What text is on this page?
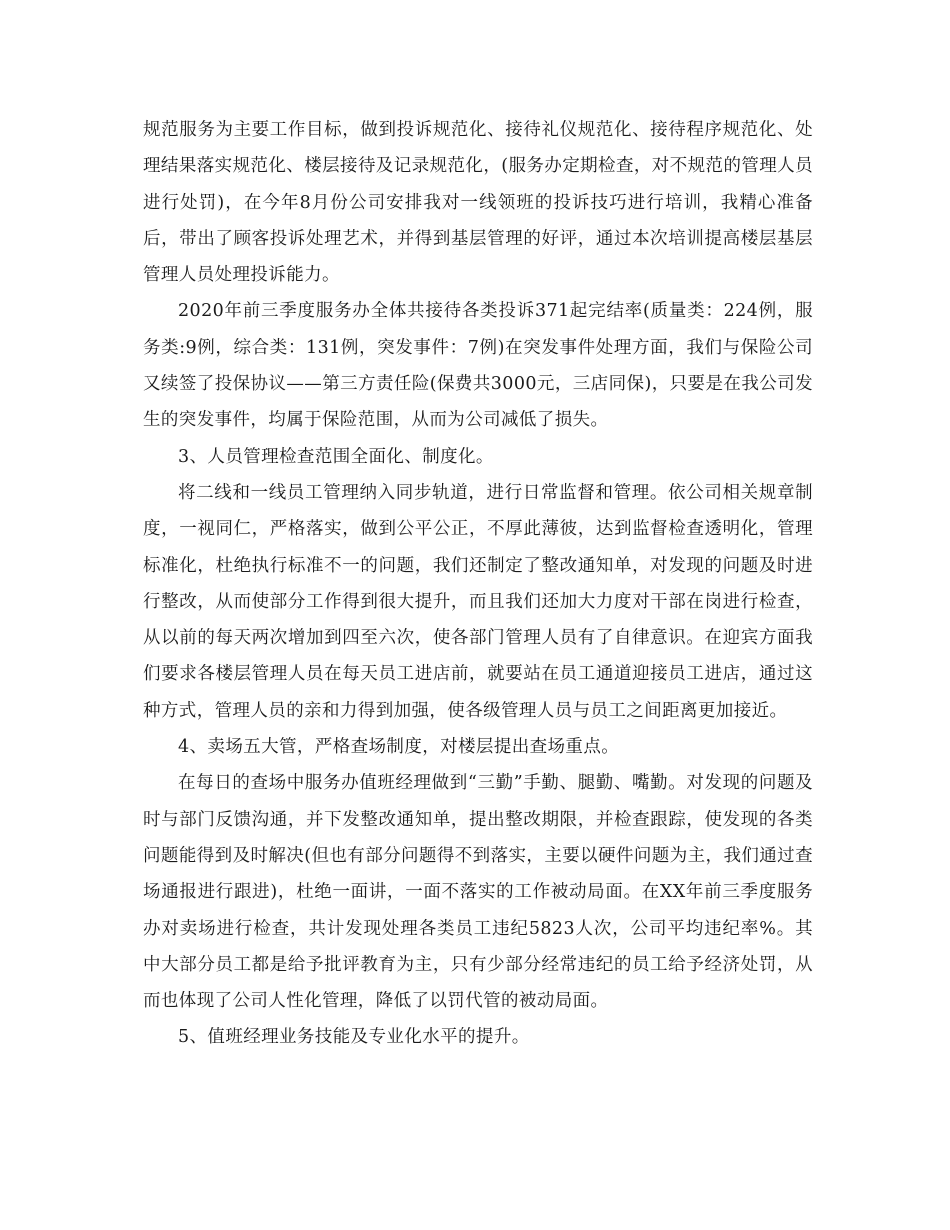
规范服务为主要工作目标，做到投诉规范化、接待礼仪规范化、接待程序规范化、处理结果落实规范化、楼层接待及记录规范化，(服务办定期检查，对不规范的管理人员进行处罚)，在今年8月份公司安排我对一线领班的投诉技巧进行培训，我精心准备后，带出了顾客投诉处理艺术，并得到基层管理的好评，通过本次培训提高楼层基层管理人员处理投诉能力。

2020年前三季度服务办全体共接待各类投诉371起完结率(质量类：224例，服务类:9例，综合类：131例，突发事件：7例)在突发事件处理方面，我们与保险公司又续签了投保协议——第三方责任险(保费共3000元，三店同保)，只要是在我公司发生的突发事件，均属于保险范围，从而为公司减低了损失。

3、人员管理检查范围全面化、制度化。

将二线和一线员工管理纳入同步轨道，进行日常监督和管理。依公司相关规章制度，一视同仁，严格落实，做到公平公正，不厚此薄彼，达到监督检查透明化，管理标准化，杜绝执行标准不一的问题，我们还制定了整改通知单，对发现的问题及时进行整改，从而使部分工作得到很大提升，而且我们还加大力度对干部在岗进行检查，从以前的每天两次增加到四至六次，使各部门管理人员有了自律意识。在迎宾方面我们要求各楼层管理人员在每天员工进店前，就要站在员工通道迎接员工进店，通过这种方式，管理人员的亲和力得到加强，使各级管理人员与员工之间距离更加接近。

4、卖场五大管，严格查场制度，对楼层提出查场重点。

在每日的查场中服务办值班经理做到“三勤”手勤、腿勤、嘴勤。对发现的问题及时与部门反馈沟通，并下发整改通知单，提出整改期限，并检查跟踪，使发现的各类问题能得到及时解决(但也有部分问题得不到落实，主要以硬件问题为主，我们通过查场通报进行跟进)，杜绝一面讲，一面不落实的工作被动局面。在XX年前三季度服务办对卖场进行检查，共计发现处理各类员工违纪5823人次，公司平均违纪率%。其中大部分员工都是给予批评教育为主，只有少部分经常违纪的员工给予经济处罚，从而也体现了公司人性化管理，降低了以罚代管的被动局面。

5、值班经理业务技能及专业化水平的提升。
